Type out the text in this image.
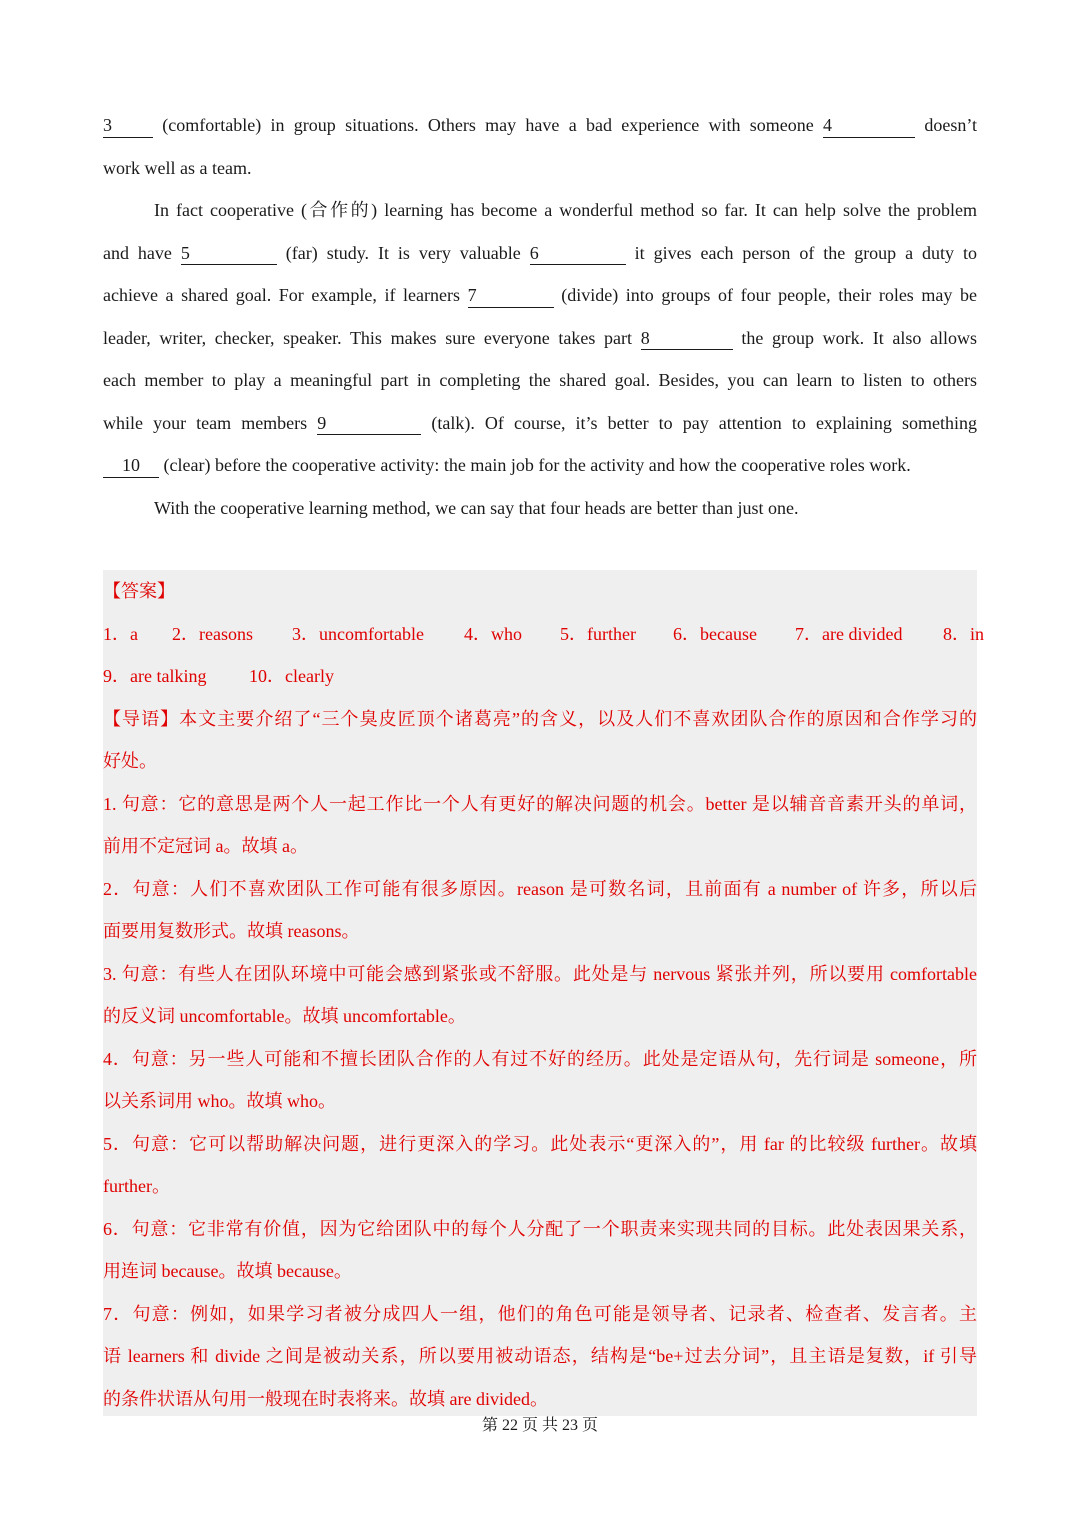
3 (comfortable) in group situations. Others may have a bad experience with someone 4	doesn’t
work well as a team.
In fact cooperative (合作的) learning has become a wonderful method so far. It can help solve the problem
and have 5	(far) study. It is very valuable 6	it gives each person of the group a duty to
achieve a shared goal. For example, if learners 7	(divide) into groups of four people, their roles may be
leader, writer, checker, speaker. This makes sure everyone takes part 8	the group work. It also allows
each member to play a meaningful part in completing the shared goal. Besides, you can learn to listen to others
while your team members 9	(talk). Of course, it’s better to pay attention to explaining something
10 (clear) before the cooperative activity: the main job for the activity and how the cooperative roles work.
With the cooperative learning method, we can say that four heads are better than just one.
【答案】
1．a 2．reasons 3．uncomfortable 4．who 5．further 6．because 7．are divided 8．in
9．are talking 10．clearly
【导语】本文主要介绍了“三个臭皮匠顶个诸葛亮”的含义，以及人们不喜欢团队合作的原因和合作学习的
好处。
1. 句意：它的意思是两个人一起工作比一个人有更好的解决问题的机会。better 是以辅音音素开头的单词，
前用不定冠词 a。故填 a。
2．句意：人们不喜欢团队工作可能有很多原因。reason 是可数名词，且前面有 a number of 许多，所以后
面要用复数形式。故填 reasons。
3. 句意：有些人在团队环境中可能会感到紧张或不舒服。此处是与 nervous 紧张并列，所以要用 comfortable
的反义词 uncomfortable。故填 uncomfortable。
4．句意：另一些人可能和不擅长团队合作的人有过不好的经历。此处是定语从句，先行词是 someone，所
以关系词用 who。故填 who。
5．句意：它可以帮助解决问题，进行更深入的学习。此处表示“更深入的”，用 far 的比较级 further。故填
further。
6．句意：它非常有价值，因为它给团队中的每个人分配了一个职责来实现共同的目标。此处表因果关系，
用连词 because。故填 because。
7．句意：例如，如果学习者被分成四人一组，他们的角色可能是领导者、记录者、检查者、发言者。主
语 learners 和 divide 之间是被动关系，所以要用被动语态，结构是“be+过去分词”，且主语是复数，if 引导
的条件状语从句用一般现在时表将来。故填 are divided。
第 22 页 共 23 页
